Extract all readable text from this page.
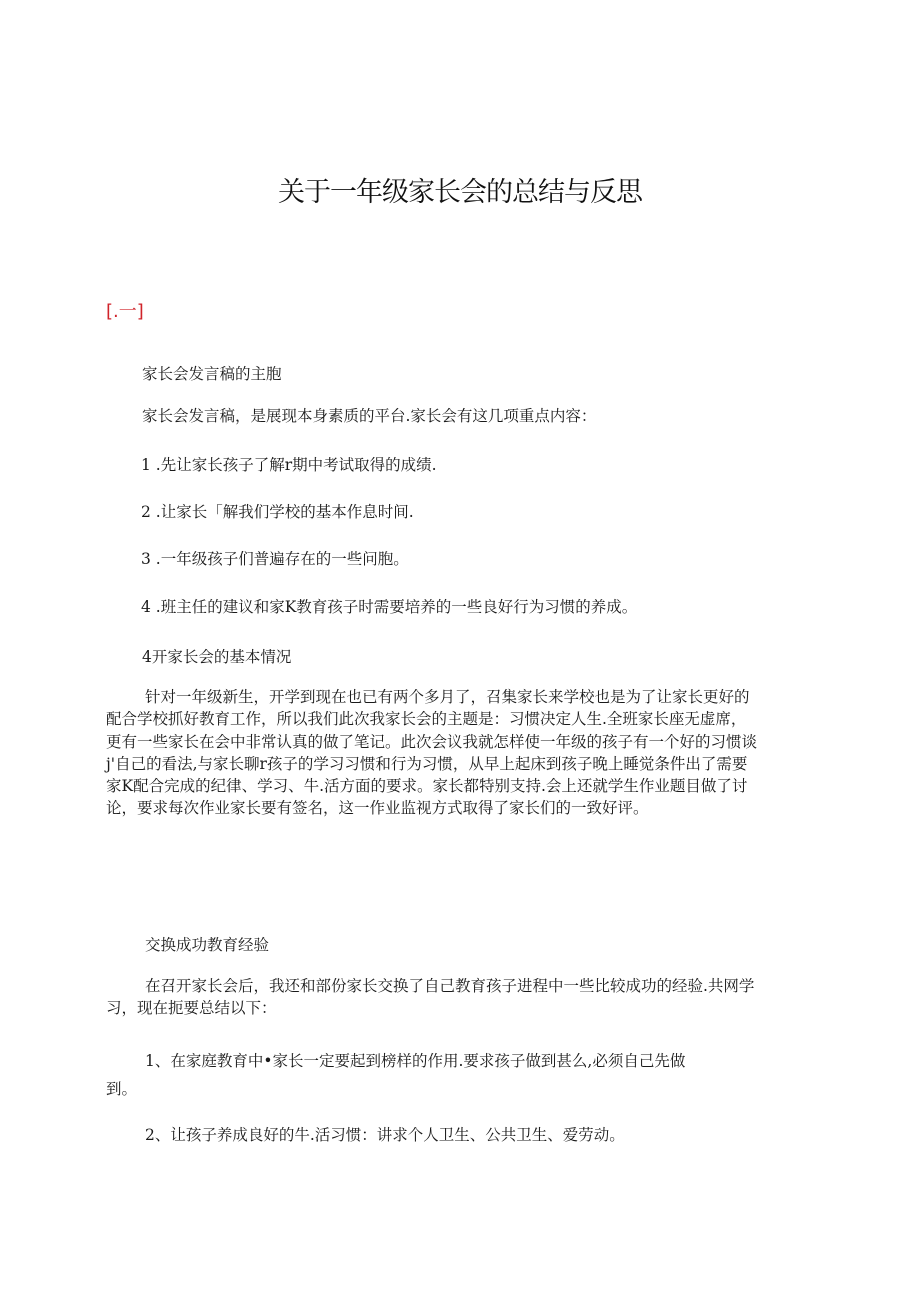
关于一年级家长会的总结与反思

[.一]

家长会发言稿的主胞

家长会发言稿，是展现本身素质的平台.家长会有这几项重点内容：

1 .先让家长孩子了解r期中考试取得的成绩.

2 .让家长「解我们学校的基本作息时间.

3 .一年级孩子们普遍存在的一些问胞。

4 .班主任的建议和家K教育孩子时需要培养的一些良好行为习惯的养成。

4开家长会的基本情况

针对一年级新生，开学到现在也已有两个多月了，召集家长来学校也是为了让家长更好的
配合学校抓好教育工作，所以我们此次我家长会的主题是：习惯决定人生.全班家长座无虚席，
更有一些家长在会中非常认真的做了笔记。此次会议我就怎样使一年级的孩子有一个好的习惯谈
j'自己的看法,与家长聊r孩子的学习习惯和行为习惯，从早上起床到孩子晚上睡觉条件出了需要
家K配合完成的纪律、学习、牛.活方面的要求。家长都特别支持.会上还就学生作业题目做了讨
论，要求每次作业家长要有签名，这一作业监视方式取得了家长们的一致好评。

交换成功教育经验

在召开家长会后，我还和部份家长交换了自己教育孩子进程中一些比较成功的经验.共网学
习，现在扼要总结以下：
1、在家庭教育中•家长一定要起到榜样的作用.要求孩子做到甚么,必须自己先做
到。

2、让孩子养成良好的牛.活习惯：讲求个人卫生、公共卫生、爱劳动。
